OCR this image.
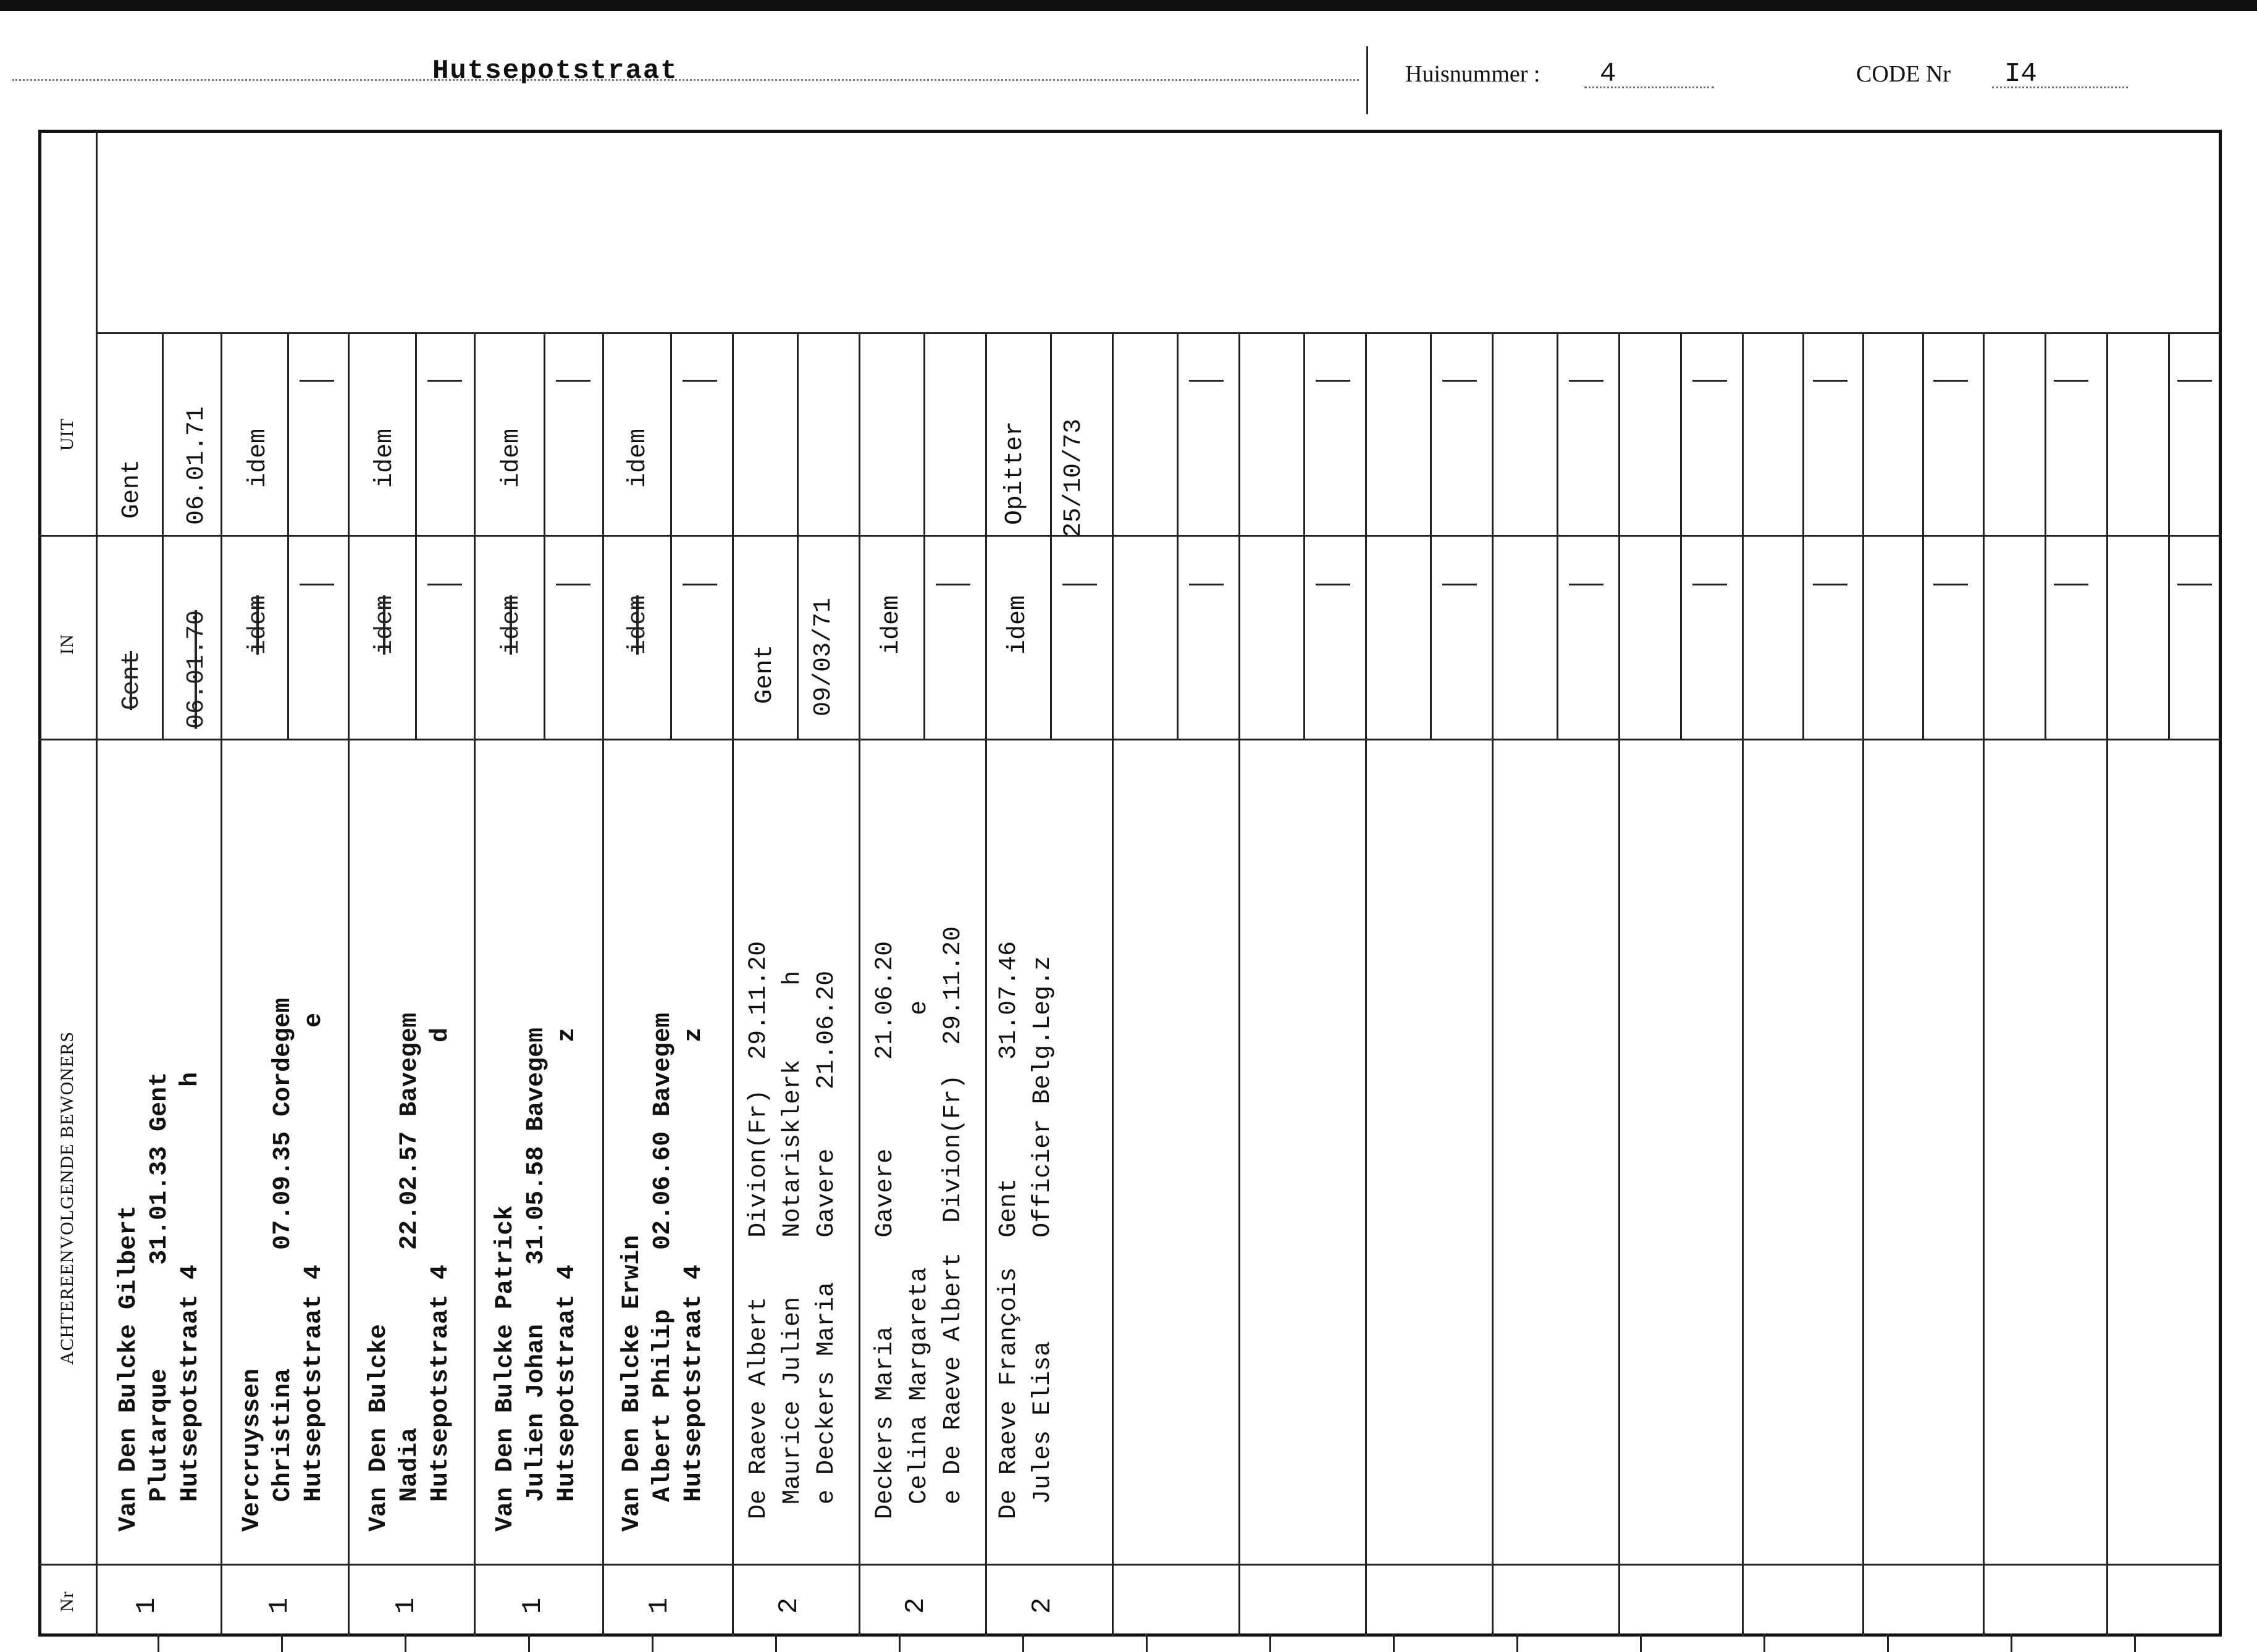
Hutsepotstraat	Huisnummer : 4	CODE Nr I4
Nr
ACHTEREENVOLGENDE BEWONERS
IN
UIT
Gent 06.01.71
Gent 06.01.70
Van Den Bulcke Gilbert Plutarque       31.01.33 Gent Hutsepotstraat 4            h
1
idem
idem
Vercruyssen Christina        07.09.35 Cordegem Hutsepotstraat 4                e
1
idem
idem
Van Den Bulcke Nadia            22.02.57 Bavegem Hutsepotstraat 4               d
1
idem
idem
Van Den Bulcke Patrick Julien Johan    31.05.58 Bavegem Hutsepotstraat 4               z
1
idem
idem
Van Den Bulcke Erwin Albert Philip    02.06.60 Bavegem Hutsepotstraat 4               z
1
Gent 09/03/71
De Raeve Albert    Divion(Fr)  29.11.20 Maurice Julien    Notarisklerk     h e Deckers Maria   Gavere    21.06.20
2
idem
Deckers Maria      Gavere      21.06.20 Celina Margareta                 e e De Raeve Albert  Divion(Fr)  29.11.20
2
Opitter 25/10/73
idem
De Raeve François  Gent        31.07.46 Jules Elisa       Officier Belg.Leg.z
2
